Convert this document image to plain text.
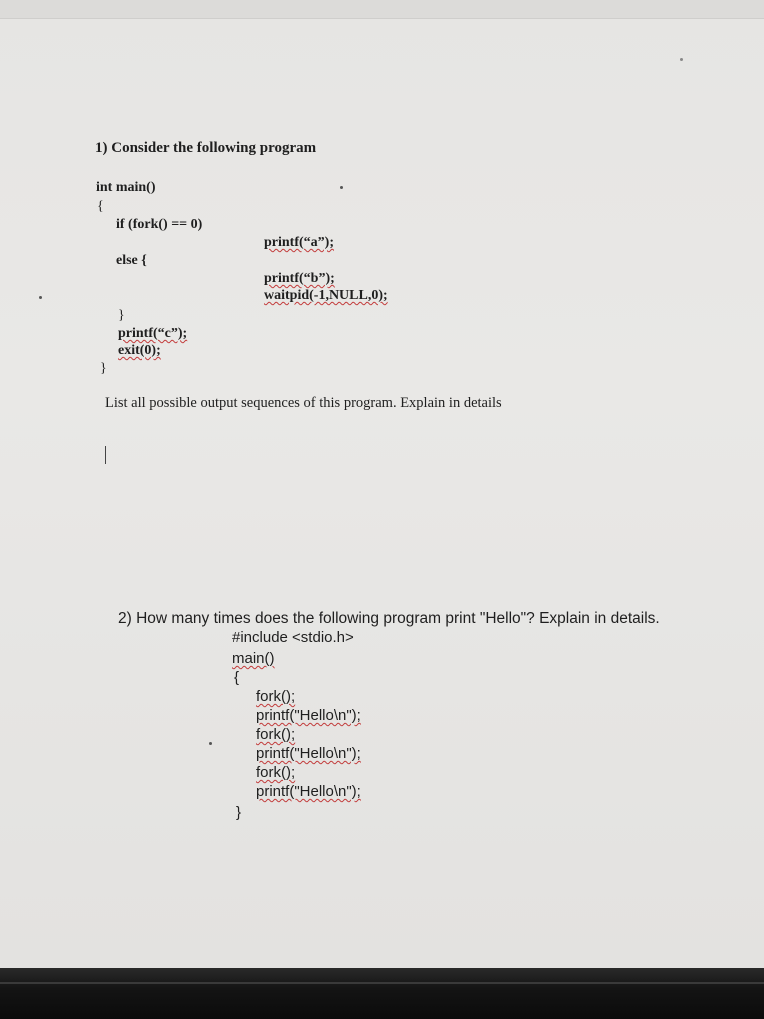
1) Consider the following program
int main()
{
if (fork() == 0)
printf(“a”);
else {
printf(“b”);
waitpid(-1,NULL,0);
}
printf(“c”);
exit(0);
}
List all possible output sequences of this program. Explain in details
2) How many times does the following program print "Hello"? Explain in details.
#include <stdio.h>
main()
{
fork();
printf("Hello\n");
fork();
printf("Hello\n");
fork();
printf("Hello\n");
}
